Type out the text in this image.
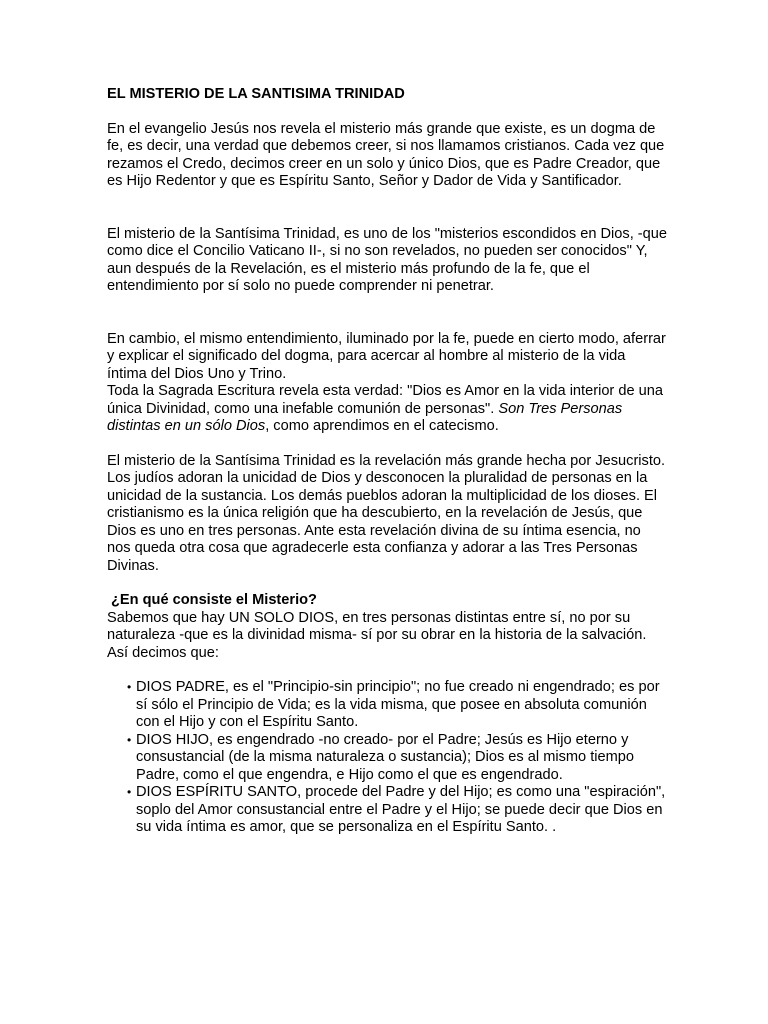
EL MISTERIO DE LA SANTISIMA TRINIDAD

En el evangelio Jesús nos revela el misterio más grande que existe, es un dogma de fe, es decir, una verdad que debemos creer, si nos llamamos cristianos. Cada vez que rezamos el Credo, decimos creer en un solo y único Dios, que es Padre Creador, que es Hijo Redentor y que es Espíritu Santo, Señor y Dador de Vida y Santificador.

El misterio de la Santísima Trinidad, es uno de los "misterios escondidos en Dios, -que como dice el Concilio Vaticano II-, si no son revelados, no pueden ser conocidos" Y, aun después de la Revelación, es el misterio más profundo de la fe, que el entendimiento por sí solo no puede comprender ni penetrar.

En cambio, el mismo entendimiento, iluminado por la fe, puede en cierto modo, aferrar y explicar el significado del dogma, para acercar al hombre al misterio de la vida íntima del Dios Uno y Trino.

Toda la Sagrada Escritura revela esta verdad: "Dios es Amor en la vida interior de una única Divinidad, como una inefable comunión de personas". Son Tres Personas distintas en un sólo Dios, como aprendimos en el catecismo.

El misterio de la Santísima Trinidad es la revelación más grande hecha por Jesucristo. Los judíos adoran la unicidad de Dios y desconocen la pluralidad de personas en la unicidad de la sustancia. Los demás pueblos adoran la multiplicidad de los dioses. El cristianismo es la única religión que ha descubierto, en la revelación de Jesús, que Dios es uno en tres personas. Ante esta revelación divina de su íntima esencia, no nos queda otra cosa que agradecerle esta confianza y adorar a las Tres Personas Divinas.

¿En qué consiste el Misterio?

Sabemos que hay UN SOLO DIOS, en tres personas distintas entre sí, no por su naturaleza -que es la divinidad misma- sí por su obrar en la historia de la salvación. Así decimos que:

• DIOS PADRE, es el "Principio-sin principio"; no fue creado ni engendrado; es por sí sólo el Principio de Vida; es la vida misma, que posee en absoluta comunión con el Hijo y con el Espíritu Santo.
• DIOS HIJO, es engendrado -no creado- por el Padre; Jesús es Hijo eterno y consustancial (de la misma naturaleza o sustancia); Dios es al mismo tiempo Padre, como el que engendra, e Hijo como el que es engendrado.
• DIOS ESPÍRITU SANTO, procede del Padre y del Hijo; es como una "espiración", soplo del Amor consustancial entre el Padre y el Hijo; se puede decir que Dios en su vida íntima es amor, que se personaliza en el Espíritu Santo. .
